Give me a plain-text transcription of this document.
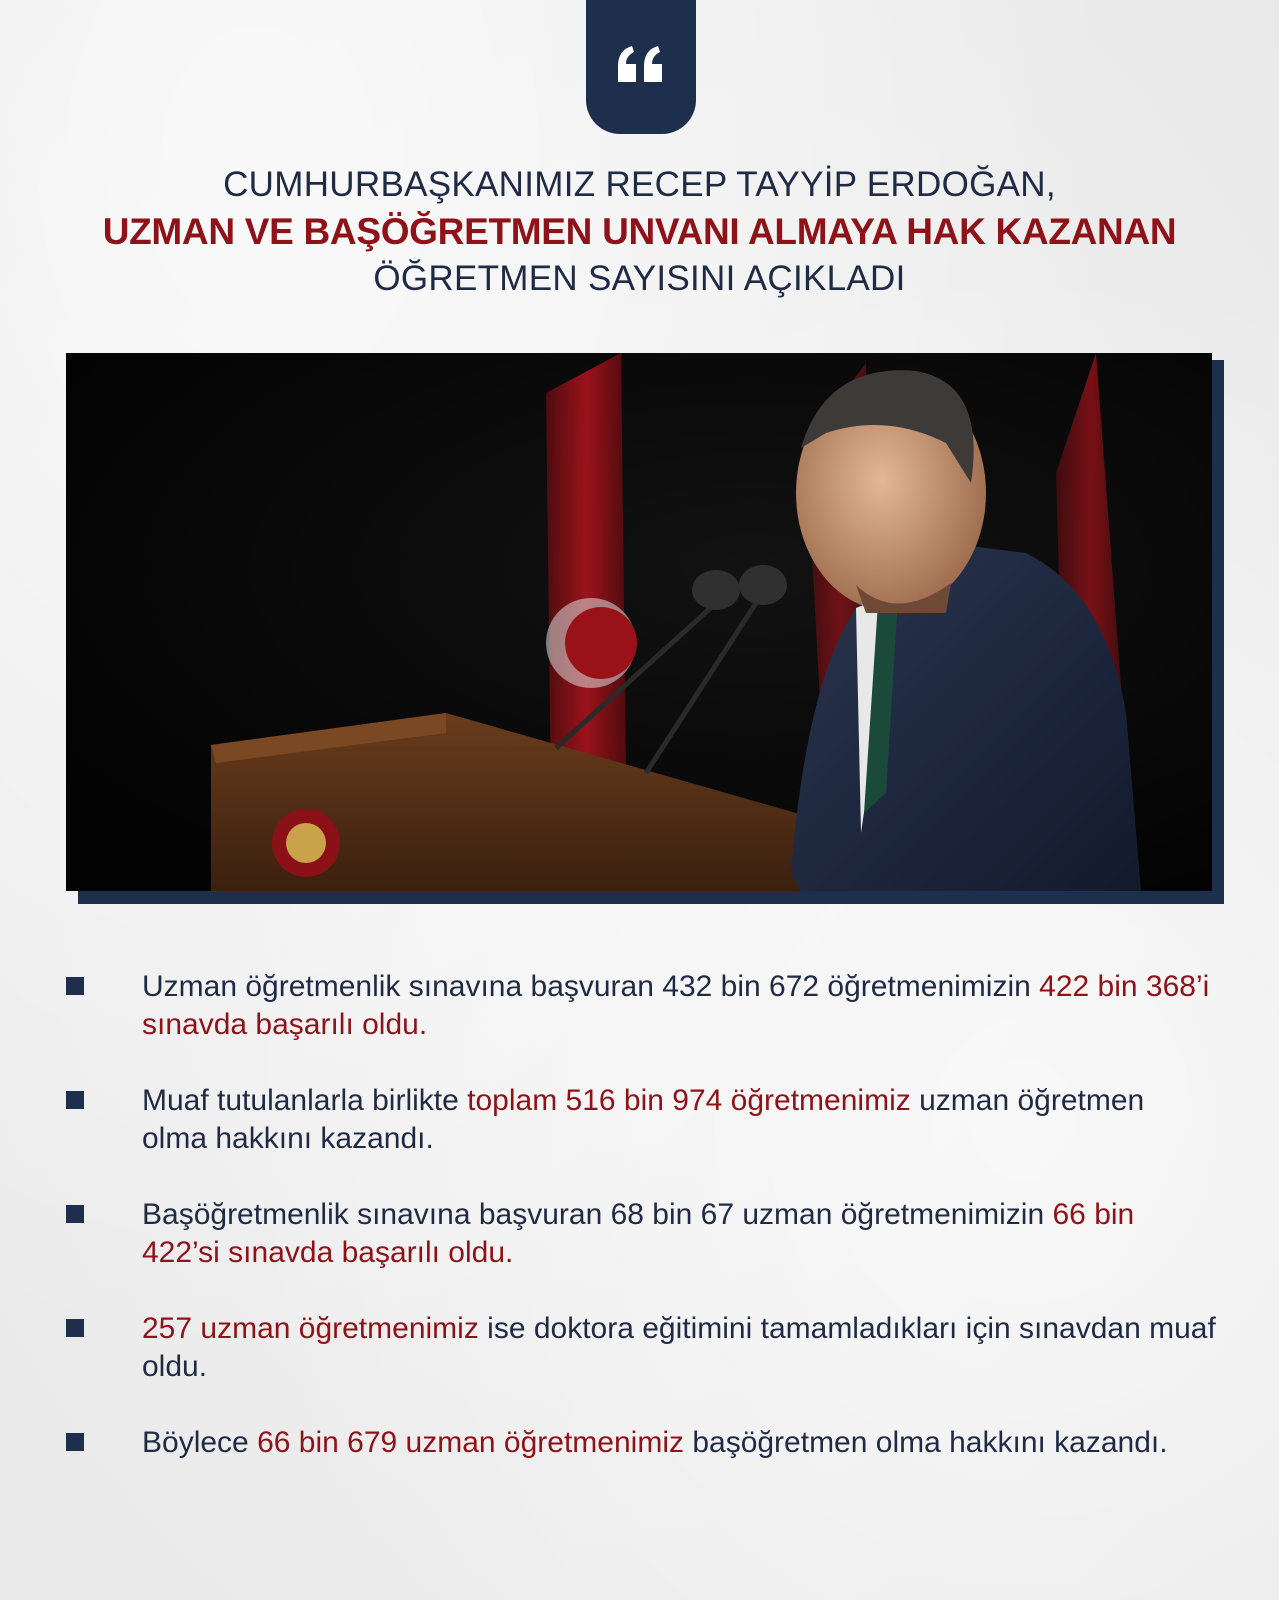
CUMHURBAŞKANIMIZ RECEP TAYYİP ERDOĞAN,
UZMAN VE BAŞÖĞRETMEN UNVANI ALMAYA HAK KAZANAN
ÖĞRETMEN SAYISINI AÇIKLADI
Uzman öğretmenlik sınavına başvuran 432 bin 672 öğretmenimizin 422 bin 368’i sınavda başarılı oldu.
Muaf tutulanlarla birlikte toplam 516 bin 974 öğretmenimiz uzman öğretmen olma hakkını kazandı.
Başöğretmenlik sınavına başvuran 68 bin 67 uzman öğretmenimizin 66 bin 422’si sınavda başarılı oldu.
257 uzman öğretmenimiz ise doktora eğitimini tamamladıkları için sınavdan muaf oldu.
Böylece 66 bin 679 uzman öğretmenimiz başöğretmen olma hakkını kazandı.
